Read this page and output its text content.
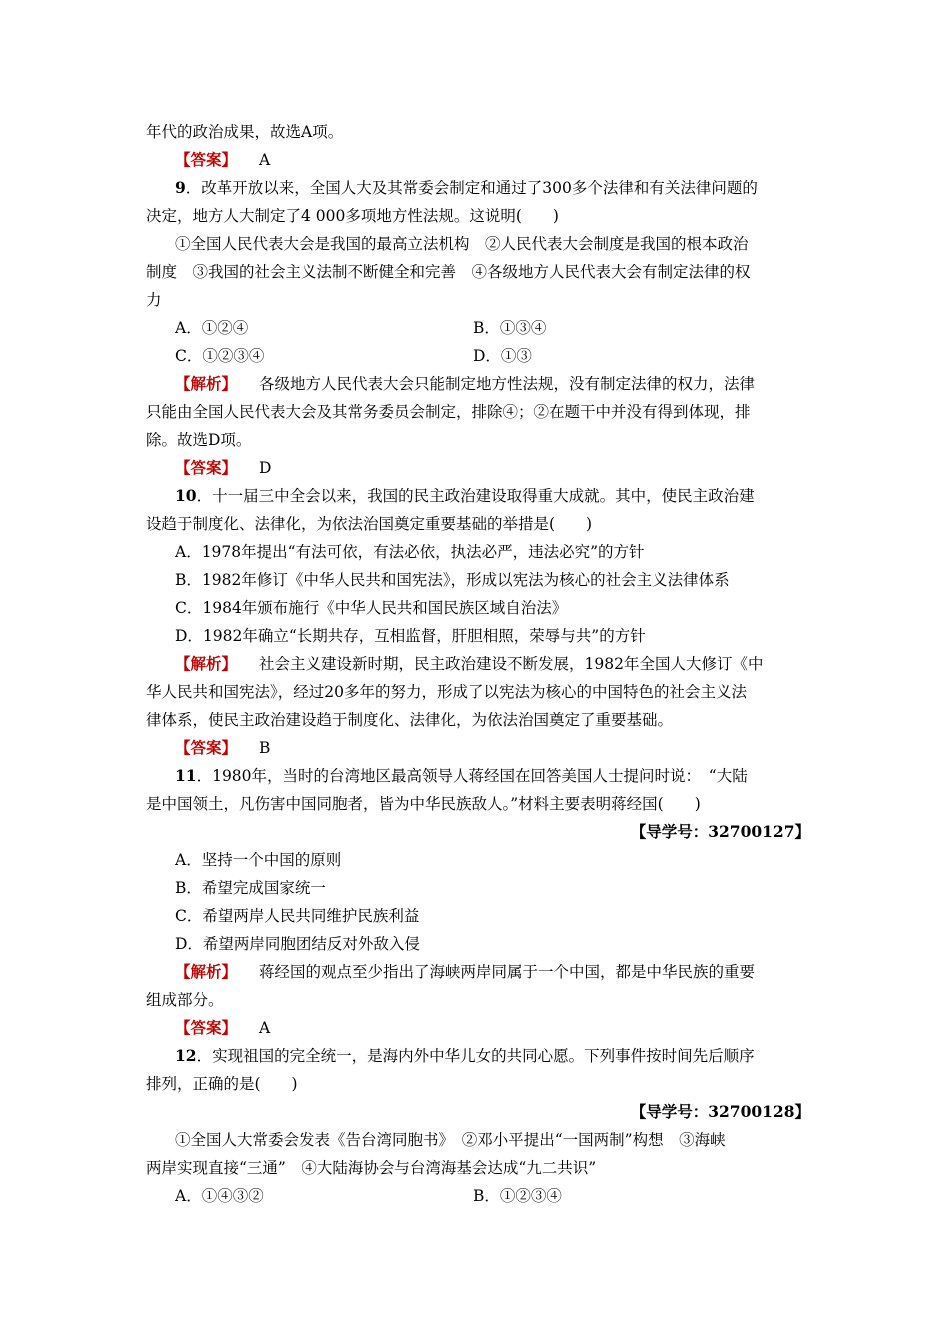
年代的政治成果，故选A项。
【答案】 A
9．改革开放以来，全国人大及其常委会制定和通过了300多个法律和有关法律问题的
决定，地方人大制定了4 000多项地方性法规。这说明(　　)
①全国人民代表大会是我国的最高立法机构　②人民代表大会制度是我国的根本政治
制度　③我国的社会主义法制不断健全和完善　④各级地方人民代表大会有制定法律的权
力
A．①②④	B．①③④
C．①②③④	D．①③
【解析】 各级地方人民代表大会只能制定地方性法规，没有制定法律的权力，法律
只能由全国人民代表大会及其常务委员会制定，排除④；②在题干中并没有得到体现，排
除。故选D项。
【答案】 D
10．十一届三中全会以来，我国的民主政治建设取得重大成就。其中，使民主政治建
设趋于制度化、法律化，为依法治国奠定重要基础的举措是(　　)
A．1978年提出“有法可依，有法必依，执法必严，违法必究”的方针
B．1982年修订《中华人民共和国宪法》，形成以宪法为核心的社会主义法律体系
C．1984年颁布施行《中华人民共和国民族区域自治法》
D．1982年确立“长期共存，互相监督，肝胆相照，荣辱与共”的方针
【解析】 社会主义建设新时期，民主政治建设不断发展，1982年全国人大修订《中
华人民共和国宪法》，经过20多年的努力，形成了以宪法为核心的中国特色的社会主义法
律体系，使民主政治建设趋于制度化、法律化，为依法治国奠定了重要基础。
【答案】 B
11．1980年，当时的台湾地区最高领导人蒋经国在回答美国人士提问时说：　“大陆
是中国领土，凡伤害中国同胞者，皆为中华民族敌人。”材料主要表明蒋经国(　　)
【导学号：32700127】
A．坚持一个中国的原则
B．希望完成国家统一
C．希望两岸人民共同维护民族利益
D．希望两岸同胞团结反对外敌入侵
【解析】 蒋经国的观点至少指出了海峡两岸同属于一个中国，都是中华民族的重要
组成部分。
【答案】 A
12．实现祖国的完全统一，是海内外中华儿女的共同心愿。下列事件按时间先后顺序
排列，正确的是(　　)
【导学号：32700128】
①全国人大常委会发表《告台湾同胞书》　②邓小平提出“一国两制”构想　③海峡
两岸实现直接“三通”　④大陆海协会与台湾海基会达成“九二共识”
A．①④③②	B．①②③④
